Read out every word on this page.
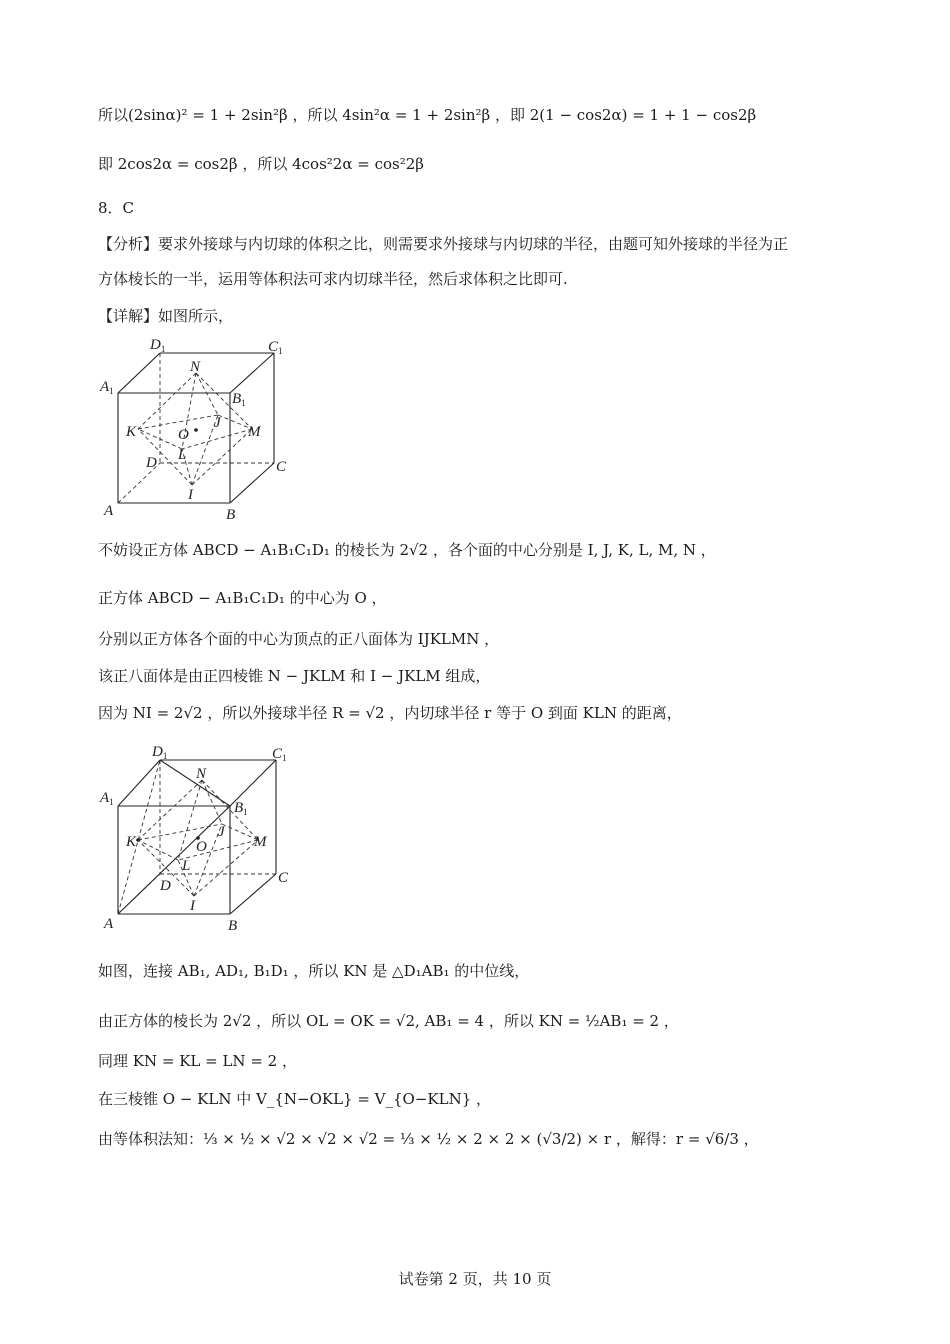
所以(2sinα)² = 1 + 2sin²β ，所以 4sin²α = 1 + 2sin²β ，即 2(1 − cos2α) = 1 + 1 − cos2β
即 2cos2α = cos2β ，所以 4cos²2α = cos²2β
8．C
【分析】要求外接球与内切球的体积之比，则需要求外接球与内切球的半径，由题可知外接球的半径为正
方体棱长的一半，运用等体积法可求内切球半径，然后求体积之比即可.
【详解】如图所示，
$D_1$	$C_1$
$A_1$	$B_1$
N
K	O
J
M
L
D	C
I
A	B
不妨设正方体 ABCD − A₁B₁C₁D₁ 的棱长为 2√2 ，各个面的中心分别是 I, J, K, L, M, N ，
正方体 ABCD − A₁B₁C₁D₁ 的中心为 O ，
分别以正方体各个面的中心为顶点的正八面体为 IJKLMN ，
该正八面体是由正四棱锥 N − JKLM 和 I − JKLM 组成，
因为 NI = 2√2 ，所以外接球半径 R = √2 ，内切球半径 r 等于 O 到面 KLN 的距离，
$D_1$	$C_1$
$A_1$	$B_1$
N
K	O
J
M
L
D	C
I
A	B
如图，连接 AB₁, AD₁, B₁D₁ ，所以 KN 是 △D₁AB₁ 的中位线，
由正方体的棱长为 2√2 ，所以 OL = OK = √2, AB₁ = 4 ，所以 KN = ½AB₁ = 2 ，
同理 KN = KL = LN = 2 ，
在三棱锥 O − KLN 中 V_{N−OKL} = V_{O−KLN} ，
由等体积法知：⅓ × ½ × √2 × √2 × √2 = ⅓ × ½ × 2 × 2 × (√3/2) × r ，解得：r = √6/3 ，
试卷第 2 页，共 10 页
